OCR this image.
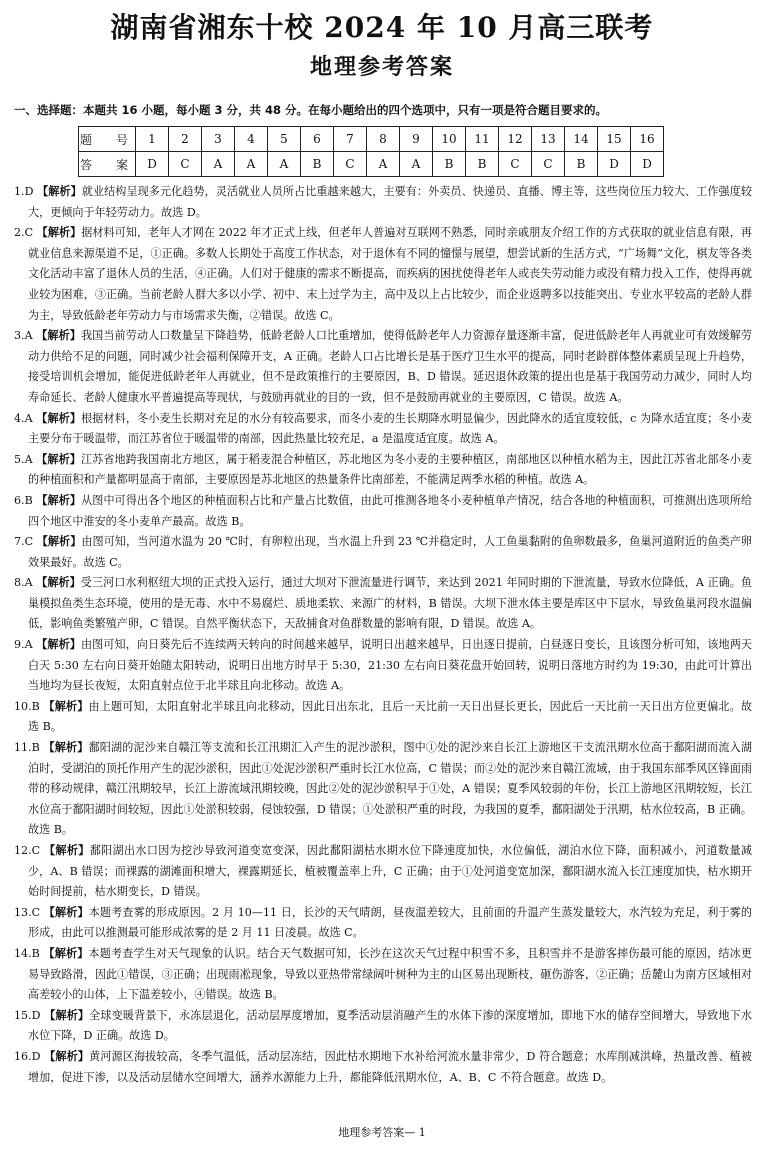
湖南省湘东十校 2024 年 10 月高三联考
地理参考答案
一、选择题：本题共 16 小题，每小题 3 分，共 48 分。在每小题给出的四个选项中，只有一项是符合题目要求的。
题　号	1	2	3	4	5	6	7	8	9	10	11	12	13	14	15	16
答　案	D	C	A	A	A	B	C	A	A	B	B	C	C	B	D	D

1.D 【解析】就业结构呈现多元化趋势，灵活就业人员所占比重越来越大，主要有：外卖员、快递员、直播、博主等，这些岗位压力较大、工作强度较大，更倾向于年轻劳动力。故选 D。

2.C 【解析】据材料可知，老年人才网在 2022 年才正式上线，但老年人普遍对互联网不熟悉，同时亲戚朋友介绍工作的方式获取的就业信息有限，再就业信息来源渠道不足，①正确。多数人长期处于高度工作状态，对于退休有不同的憧憬与展望，想尝试新的生活方式，“广场舞”文化，棋友等各类文化活动丰富了退休人员的生活，④正确。人们对于健康的需求不断提高，而疾病的困扰使得老年人或丧失劳动能力或没有精力投入工作，使得再就业较为困难，③正确。当前老龄人群大多以小学、初中、末上过学为主，高中及以上占比较少，而企业返聘多以技能突出、专业水平较高的老龄人群为主，导致低龄老年劳动力与市场需求失衡，②错误。故选 C。

3.A 【解析】我国当前劳动人口数量呈下降趋势，低龄老龄人口比重增加，使得低龄老年人力资源存量逐渐丰富，促进低龄老年人再就业可有效缓解劳动力供给不足的问题，同时减少社会福利保障开支，A 正确。老龄人口占比增长是基于医疗卫生水平的提高，同时老龄群体整体素质呈现上升趋势，接受培训机会增加，能促进低龄老年人再就业，但不是政策推行的主要原因，B、D 错误。延迟退休政策的提出也是基于我国劳动力减少，同时人均寿命延长、老龄人健康水平普遍提高等现状，与鼓励再就业的目的一致，但不是鼓励再就业的主要原因，C 错误。故选 A。

4.A 【解析】根据材料，冬小麦生长期对充足的水分有较高要求，而冬小麦的生长期降水明显偏少，因此降水的适宜度较低，c 为降水适宜度；冬小麦主要分布于暖温带，而江苏省位于暖温带的南部，因此热量比较充足，a 是温度适宜度。故选 A。

5.A 【解析】江苏省地跨我国南北方地区，属于稻麦混合种植区，苏北地区为冬小麦的主要种植区，南部地区以种植水稻为主，因此江苏省北部冬小麦的种植面积和产量都明显高于南部，主要原因是苏北地区的热量条件比南部差，不能满足两季水稻的种植。故选 A。

6.B 【解析】从图中可得出各个地区的种植面积占比和产量占比数值，由此可推测各地冬小麦种植单产情况，结合各地的种植面积，可推测出选项所给四个地区中淮安的冬小麦单产最高。故选 B。

7.C 【解析】由图可知，当河道水温为 20 ℃时，有卵粒出现，当水温上升到 23 ℃并稳定时，人工鱼巢黏附的鱼卵数最多，鱼巢河道附近的鱼类产卵效果最好。故选 C。

8.A 【解析】受三河口水利枢纽大坝的正式投入运行，通过大坝对下泄流量进行调节，来达到 2021 年同时期的下泄流量，导致水位降低，A 正确。鱼巢模拟鱼类生态环境，使用的是无毒、水中不易腐烂、质地柔软、来源广的材料，B 错误。大坝下泄水体主要是库区中下层水，导致鱼巢河段水温偏低，影响鱼类繁殖产卵，C 错误。自然平衡状态下，天敌捕食对鱼群数量的影响有限，D 错误。故选 A。

9.A 【解析】由图可知，向日葵先后不连续两天转向的时间越来越早，说明日出越来越早，日出逐日提前，白昼逐日变长，且该图分析可知，该地两天白天 5:30 左右向日葵开始随太阳转动，说明日出地方时早于 5:30，21:30 左右向日葵花盘开始回转，说明日落地方时约为 19:30，由此可计算出当地均为昼长夜短，太阳直射点位于北半球且向北移动。故选 A。

10.B 【解析】由上题可知，太阳直射北半球且向北移动，因此日出东北，且后一天比前一天日出昼长更长，因此后一天比前一天日出方位更偏北。故选 B。

11.B 【解析】鄱阳湖的泥沙来自赣江等支流和长江汛期汇入产生的泥沙淤积，图中①处的泥沙来自长江上游地区干支流汛期水位高于鄱阳湖而流入湖泊时，受湖泊的顶托作用产生的泥沙淤积，因此①处泥沙淤积严重时长江水位高，C 错误；而②处的泥沙来自赣江流域，由于我国东部季风区锋面雨带的移动规律，赣江汛期较早，长江上游流域汛期较晚，因此②处的泥沙淤积早于①处，A 错误；夏季风较弱的年份，长江上游地区汛期较短，长江水位高于鄱阳湖时间较短，因此①处淤积较弱，侵蚀较强，D 错误；①处淤积严重的时段，为我国的夏季，鄱阳湖处于汛期，枯水位较高，B 正确。故选 B。

12.C 【解析】鄱阳湖出水口因为挖沙导致河道变宽变深，因此鄱阳湖枯水期水位下降速度加快，水位偏低，湖泊水位下降，面积减小，河道数量减少，A、B 错误；而裸露的湖滩面积增大，裸露期延长，植被覆盖率上升，C 正确；由于①处河道变宽加深，鄱阳湖水流入长江速度加快，枯水期开始时间提前，枯水期变长，D 错误。

13.C 【解析】本题考查雾的形成原因。2 月 10—11 日，长沙的天气晴朗，昼夜温差较大，且前面的升温产生蒸发量较大，水汽较为充足，利于雾的形成，由此可以推测最可能形成浓雾的是 2 月 11 日凌晨。故选 C。

14.B 【解析】本题考查学生对天气现象的认识。结合天气数据可知，长沙在这次天气过程中积雪不多，且积雪并不是游客摔伤最可能的原因，结冰更易导致路滑，因此①错误，③正确；出现雨凇现象，导致以亚热带常绿阔叶树种为主的山区易出现断枝，砸伤游客，②正确；岳麓山为南方区域相对高差较小的山体，上下温差较小，④错误。故选 B。

15.D 【解析】全球变暖背景下，永冻层退化，活动层厚度增加，夏季活动层消融产生的水体下渗的深度增加，即地下水的储存空间增大，导致地下水水位下降，D 正确。故选 D。

16.D 【解析】黄河源区海拔较高，冬季气温低，活动层冻结，因此枯水期地下水补给河流水量非常少，D 符合题意；水库削减洪峰，热量改善、植被增加，促进下渗，以及活动层储水空间增大，涵养水源能力上升，都能降低汛期水位，A、B、C 不符合题意。故选 D。

地理参考答案— 1
